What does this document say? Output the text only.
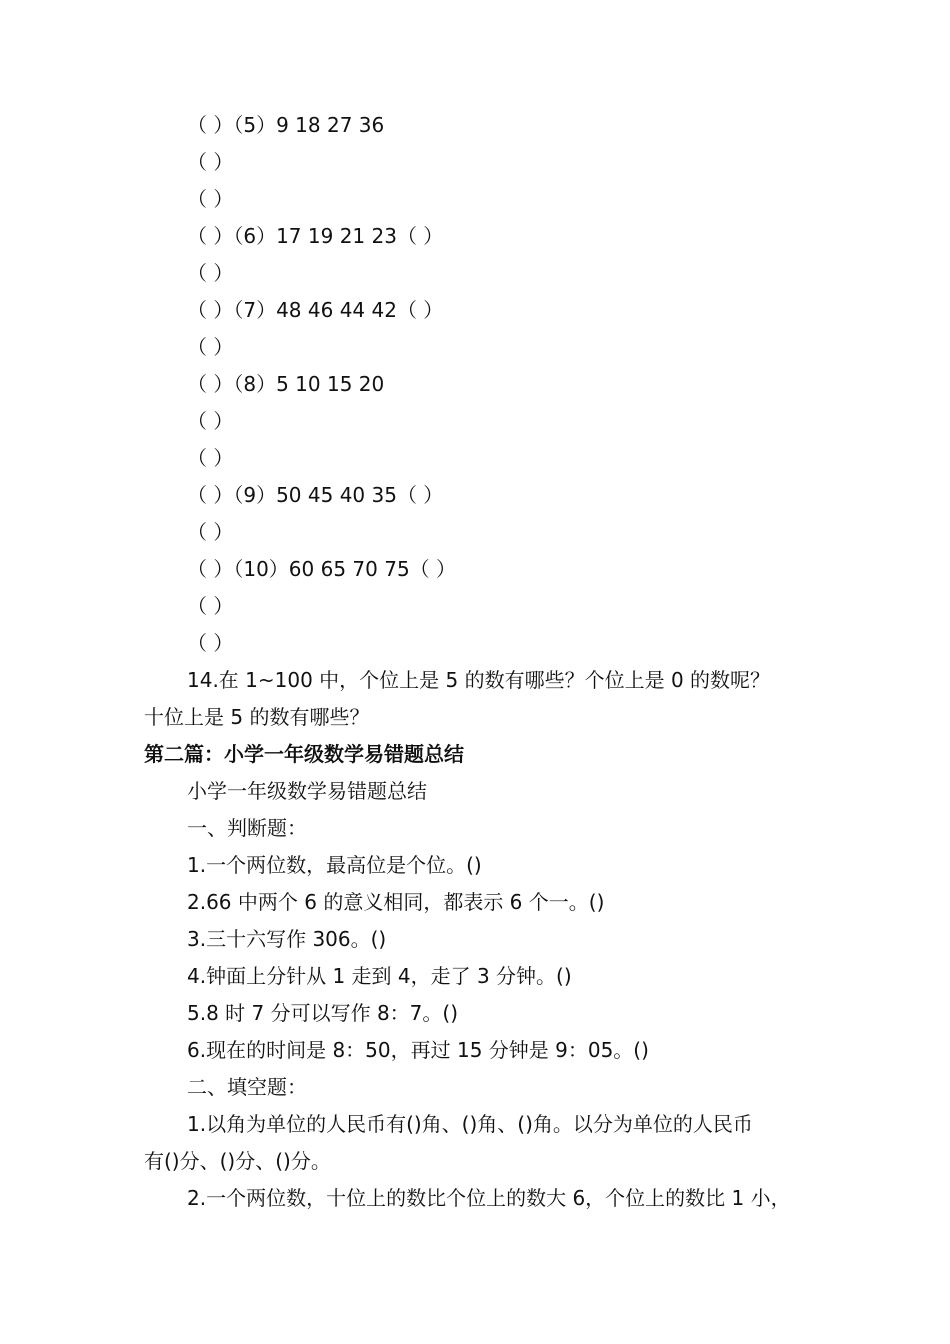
（ ）（5）9 18 27 36
（ ）
（ ）
（ ）（6）17 19 21 23（ ）
（ ）
（ ）（7）48 46 44 42（ ）
（ ）
（ ）（8）5 10 15 20
（ ）
（ ）
（ ）（9）50 45 40 35（ ）
（ ）
（ ）（10）60 65 70 75（ ）
（ ）
（ ）
14.在 1~100 中，个位上是 5 的数有哪些？个位上是 0 的数呢？
十位上是 5 的数有哪些？
第二篇：小学一年级数学易错题总结
小学一年级数学易错题总结
一、判断题：
1.一个两位数，最高位是个位。()
2.66 中两个 6 的意义相同，都表示 6 个一。()
3.三十六写作 306。()
4.钟面上分针从 1 走到 4，走了 3 分钟。()
5.8 时 7 分可以写作 8：7。()
6.现在的时间是 8：50，再过 15 分钟是 9：05。()
二、填空题：
1.以角为单位的人民币有()角、()角、()角。以分为单位的人民币
有()分、()分、()分。
2.一个两位数，十位上的数比个位上的数大 6，个位上的数比 1 小，
